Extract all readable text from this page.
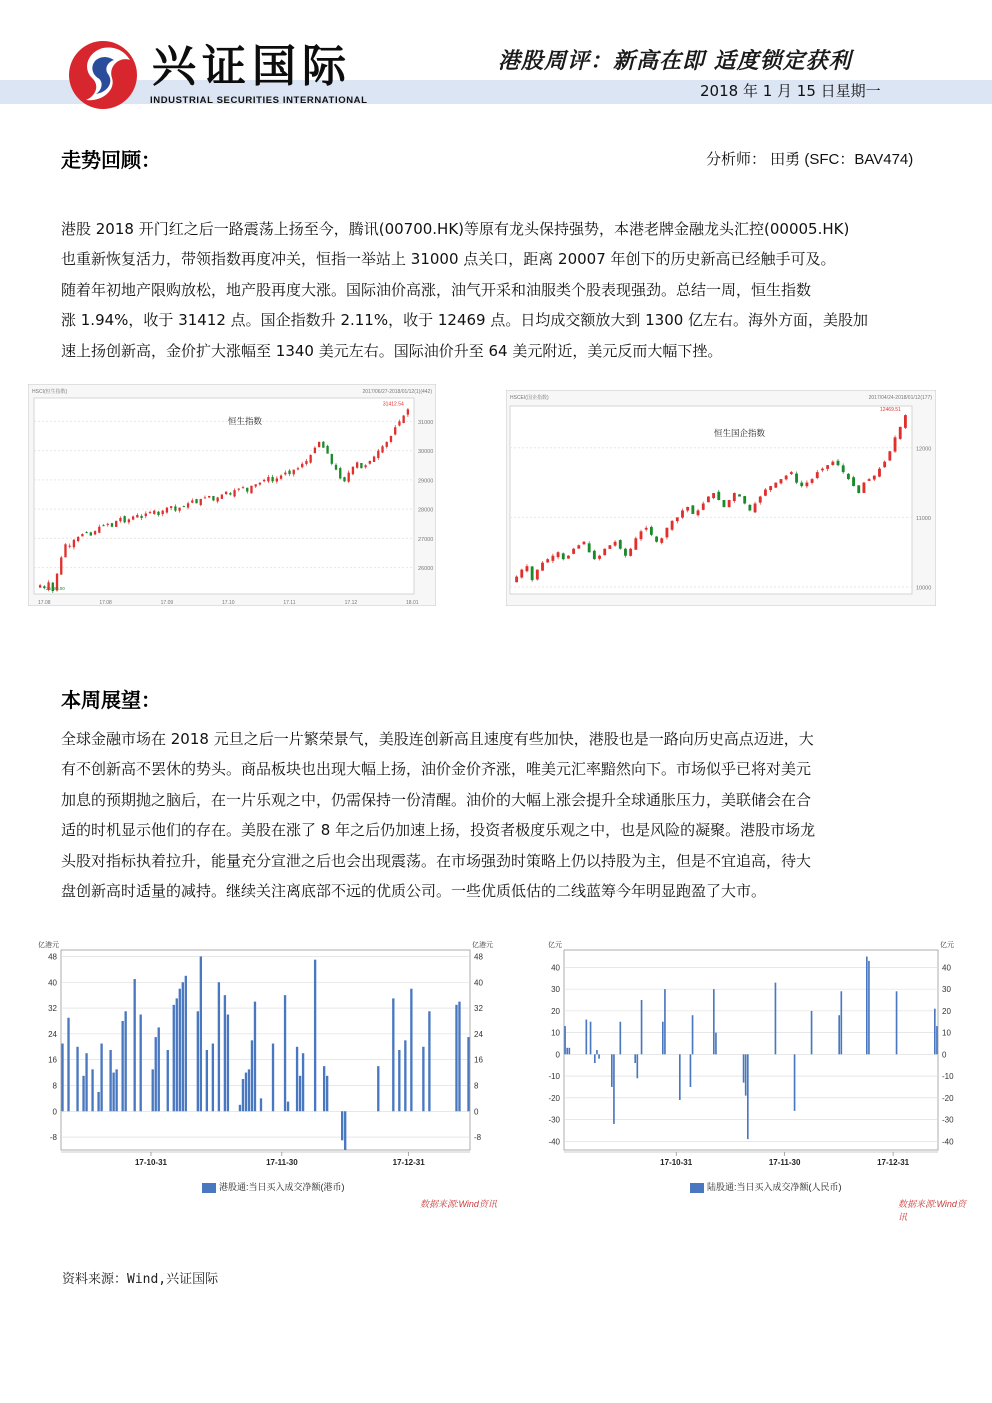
兴证国际
INDUSTRIAL SECURITIES INTERNATIONAL
港股周评：新高在即 适度锁定获利
2018 年 1 月 15 日星期一
走势回顾：	分析师： 田勇 (SFC：BAV474)
港股 2018 开门红之后一路震荡上扬至今，腾讯(00700.HK)等原有龙头保持强势，本港老牌金融龙头汇控(00005.HK)
也重新恢复活力，带领指数再度冲关，恒指一举站上 31000 点关口，距离 20007 年创下的历史新高已经触手可及。
随着年初地产限购放松，地产股再度大涨。国际油价高涨，油气开采和油服类个股表现强劲。总结一周，恒生指数
涨 1.94%，收于 31412 点。国企指数升 2.11%，收于 12469 点。日均成交额放大到 1300 亿左右。海外方面，美股加
速上扬创新高，金价扩大涨幅至 1340 美元左右。国际油价升至 64 美元附近，美元反而大幅下挫。
26000
27000
28000
29000
30000
31000
HSCI(恒生指数)	2017/06/27-2018/01/12(1)(442)
恒生指数
31412.54
25199.00
17.08	17.08	17.09	17.10	17.11	17.12	18.01
10000
11000
12000
HSCEI(国企指数)	2017/04/24-2018/01/12(177)
恒生国企指数
12469.51
本周展望：
全球金融市场在 2018 元旦之后一片繁荣景气，美股连创新高且速度有些加快，港股也是一路向历史高点迈进，大
有不创新高不罢休的势头。商品板块也出现大幅上扬，油价金价齐涨，唯美元汇率黯然向下。市场似乎已将对美元
加息的预期抛之脑后，在一片乐观之中，仍需保持一份清醒。油价的大幅上涨会提升全球通胀压力，美联储会在合
适的时机显示他们的存在。美股在涨了 8 年之后仍加速上扬，投资者极度乐观之中，也是风险的凝聚。港股市场龙
头股对指标执着拉升，能量充分宣泄之后也会出现震荡。在市场强劲时策略上仍以持股为主，但是不宜追高，待大
盘创新高时适量的减持。继续关注离底部不远的优质公司。一些优质低估的二线蓝筹今年明显跑盈了大市。
-8	-8
0	0
8	8
16	16
24	24
32	32
40	40
48	48
亿港元	亿港元
17-10-31	17-11-30	17-12-31
港股通:当日买入成交净额(港币)
数据来源:Wind资讯
-40	-40
-30	-30
-20	-20
-10	-10
0	0
10	10
20	20
30	30
40	40
亿元	亿元
17-10-31	17-11-30	17-12-31
陆股通:当日买入成交净额(人民币)
数据来源:Wind资讯
资料来源：Wind,兴证国际
